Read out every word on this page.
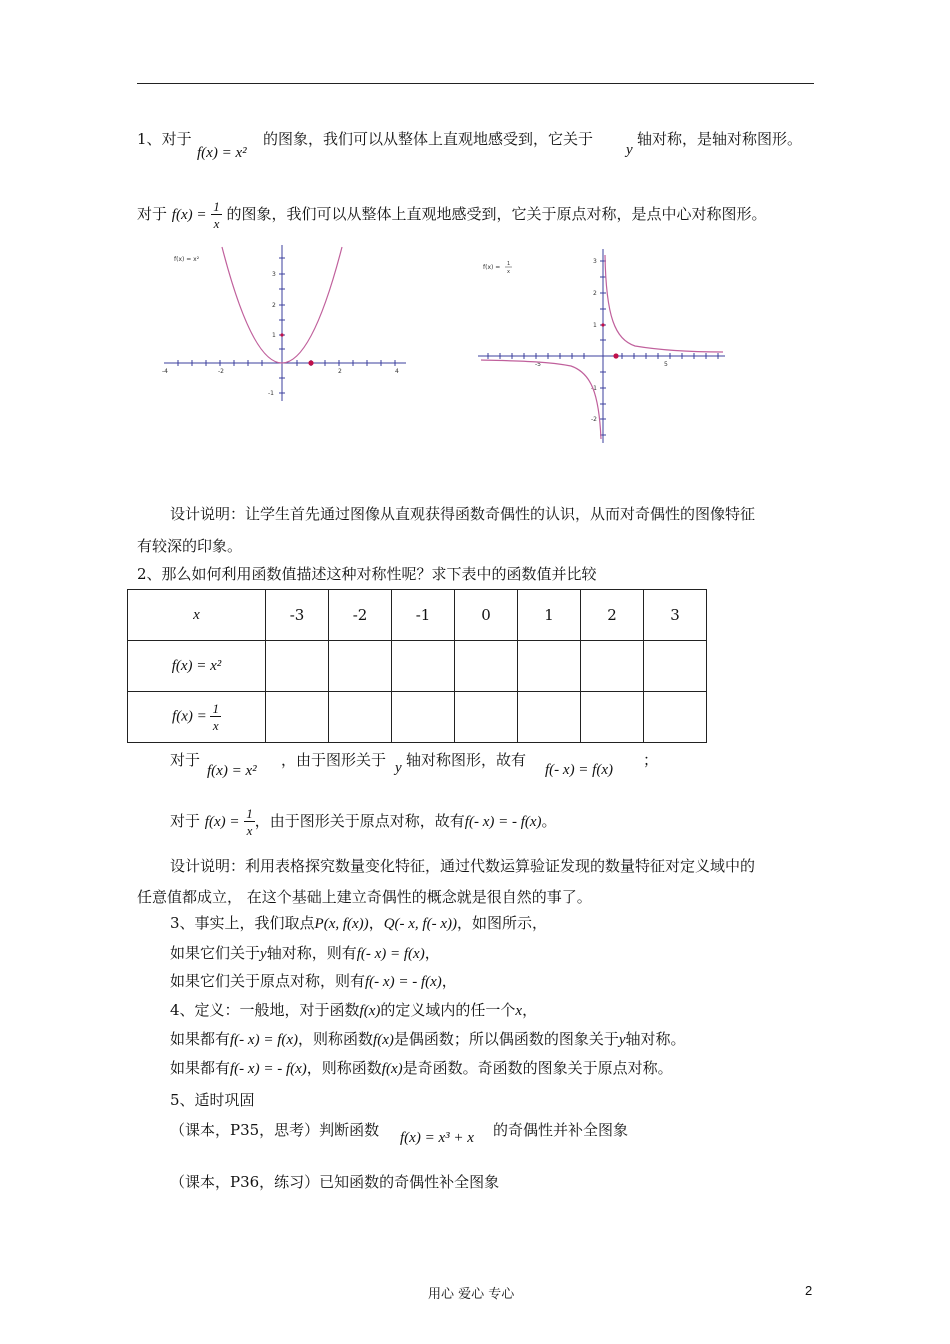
1、对于
f(x) = x²
的图象，我们可以从整体上直观地感受到，它关于
y
轴对称，是轴对称图形。
对于 $f(x) = \frac{1}{x}$ 的图象，我们可以从整体上直观地感受到，它关于原点对称，是点中心对称图形。
-4	-2	2	4
3
2
1
-1
f(x) = x²
-5	5
3
2
1
-1
-2
f(x) = 1
x
设计说明：让学生首先通过图像从直观获得函数奇偶性的认识，从而对奇偶性的图像特征
有较深的印象。
2、那么如何利用函数值描述这种对称性呢？求下表中的函数值并比较
x	-3	-2	-1	0	1	2	3
f(x) = x²							
$f(x) = \frac{1}{x}$

对于
f(x) = x²
，由于图形关于 y 轴对称图形，故有
f(- x) = f(x)
；
对于 $f(x) = \frac{1}{x}$ ，由于图形关于原点对称，故有f(- x) = - f(x)。
设计说明：利用表格探究数量变化特征，通过代数运算验证发现的数量特征对定义域中的
任意值都成立， 在这个基础上建立奇偶性的概念就是很自然的事了。
3、事实上，我们取点P(x, f(x))，Q(- x, f(- x))，如图所示，
如果它们关于y轴对称，则有f(- x) = f(x)，
如果它们关于原点对称，则有f(- x) = - f(x)，
4、定义：一般地，对于函数f(x)的定义域内的任一个x，
如果都有f(- x) = f(x)，则称函数f(x)是偶函数；所以偶函数的图象关于y轴对称。
如果都有f(- x) = - f(x)，则称函数f(x)是奇函数。奇函数的图象关于原点对称。
5、适时巩固
（课本，P35，思考）判断函数 f(x) = x³ + x 的奇偶性并补全图象
（课本，P36，练习）已知函数的奇偶性补全图象
用心 爱心 专心	2
